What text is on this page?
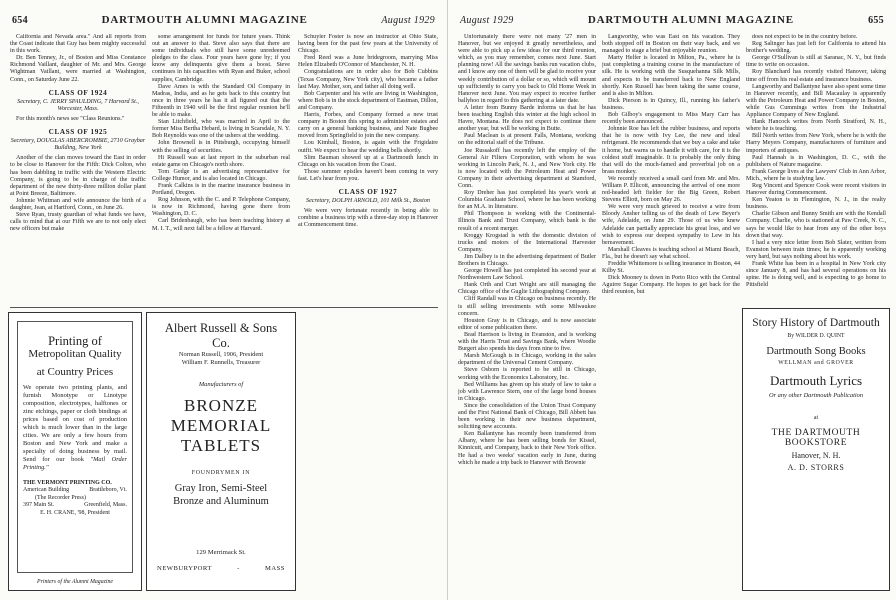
654	DARTMOUTH ALUMNI MAGAZINE	August 1929

California and Nevada area." And all reports from the Coast indicate that Guy has been mighty successful in this work.

Dr. Ben Tenney, Jr., of Boston and Miss Constance Richmond Vaillant, daughter of Mr. and Mrs. George Wightman Vaillant, were married at Washington, Conn., on Saturday June 22.

CLASS OF 1924
Secretary, C. JERRY SPAULDING, 7 Harvard St., Worcester, Mass.

For this month's news see "Class Reunions."

CLASS OF 1925
Secretary, DOUGLAS ABERCROMBIE, 2710 Graybar Building, New York

Another of the clan moves toward the East in order to be close to Hanover for the Fifth: Dick Colton, who has been dabbling in traffic with the Western Electric Company, is going to be in charge of the traffic department of the new thirty-three million dollar plant at Point Breeze, Baltimore.

Johnnie Whitman and wife announce the birth of a daughter, Jean, at Hartford, Conn., on June 26.

Steve Ryan, trusty guardian of what funds we have, calls to mind that at our Fifth we are to not only elect new officers but make

some arrangement for funds for future years. Think out an answer to that. Steve also says that there are some individuals who still have some unredeemed pledges to the class. Four years have gone by; if you know any delinquents give them a boost. Steve continues in his capacities with Ryan and Buker, school supplies, Cambridge.

Dave Ames is with the Standard Oil Company in Madras, India, and as he gets back to this country but once in three years he has it all figured out that the Fifteenth in 1940 will be the first regular reunion he'll be able to make.

Stan Litchfield, who was married in April to the former Miss Bertha Hebard, is living in Scarsdale, N. Y. Bob Reynolds was one of the ushers at the wedding.

John Brownell is in Pittsburgh, occupying himself with the selling of securities.

Hi Russell was at last report in the suburban real estate game on Chicago's north shore.

Tom Gedge is an advertising representative for College Humor, and is also located in Chicago.

Frank Calkins is in the marine insurance business in Portland, Oregon.

Rog Johnson, with the C. and P. Telephone Company, is now in Richmond, having gone there from Washington, D. C.

Carl Bridenbaugh, who has been teaching history at M. I. T., will next fall be a fellow at Harvard.

Schuyler Foster is now an instructor at Ohio State, having been for the past few years at the University of Chicago.

Fred Reed was a June bridegroom, marrying Miss Helen Elizabeth O'Connor of Manchester, N. H.

Congratulations are in order also for Bob Cubbins (Texas Company, New York city), who became a father last May. Mother, son, and father all doing well.

Bob Carpenter and his wife are living in Washington, where Bob is in the stock department of Eastman, Dillon, and Company.

Harris, Forbes, and Company formed a new trust company in Boston this spring to administer estates and carry on a general banking business, and Nate Bugbee moved from Springfield to join the new company.

Lou Kimball, Boston, is again with the Frigidaire outfit. We expect to hear the wedding bells shortly.

Slim Bauman showed up at a Dartmouth lunch in Chicago on his vacation from the Coast.

Those summer epistles haven't been coming in very fast. Let's hear from you.

CLASS OF 1927
Secretary, DOLPH ARNOLD, 101 Milk St., Boston

We were very fortunate recently in being able to combine a business trip with a three-day stop in Hanover at Commencement time.

Printing of
Metropolitan Quality
at Country Prices
We operate two printing plants, and furnish Monotype or Linotype composition, electrotypes, halftones or zinc etchings, paper or cloth bindings at prices based on cost of production which is much lower than in the large cities. We are only a few hours from Boston and New York and make a specialty of doing business by mail. Send for our book "Mail Order Printing."
THE VERMONT PRINTING CO.
American Building	Brattleboro, Vt.
(The Recorder Press)
397 Main St.	Greenfield, Mass.
E. H. CRANE, '98, President
Printers of the Alumni Magazine
Albert Russell & Sons Co.
Norman Russell, 1906, President
William F. Runnells, Treasurer
Manufacturers of
BRONZE
MEMORIAL
TABLETS
FOUNDRYMEN IN
Gray Iron, Semi-Steel
Bronze and Aluminum
129 Merrimack St.
NEWBURYPORT	-	MASS
August 1929	DARTMOUTH ALUMNI MAGAZINE	655

Unfortunately there were not many '27 men in Hanover, but we enjoyed it greatly nevertheless, and were able to pick up a few ideas for our third reunion, which, as you may remember, comes next June. Start planning now! All the savings banks run vacation clubs, and I know any one of them will be glad to receive your weekly contribution of a dollar or so, which will mount up sufficiently to carry you back to Old Home Week in Hanover next June. You may expect to receive further ballyhoo in regard to this gathering at a later date.

A letter from Bunny Barde informs us that he has been teaching English this winter at the high school in Havre, Montana. He does not expect to continue there another year, but will be working in Butte.

Paul Maclean is at present Falls, Montana, working on the editorial staff of the Tribune.

Joe Russakoff has recently left the employ of the General Air Filters Corporation, with whom he was working in Lincoln Park, N. J., and New York city. He is now located with the Petroleum Heat and Power Company in their advertising department at Stamford, Conn.

Roy Dreher has just completed his year's work at Columbia Graduate School, where he has been working for an M.A. in literature.

Phil Thompson is working with the Continental-Illinois Bank and Trust Company, which bank is the result of a recent merger.

Kroggy Krogstad is with the domestic division of trucks and motors of the International Harvester Company.

Jim Dalbey is in the advertising department of Butler Brothers in Chicago.

George Howell has just completed his second year at Northwestern Law School.

Hank Orth and Curt Wright are still managing the Chicago office of the Guglie Lithographing Company.

Cliff Randall was in Chicago on business recently. He is still selling investments with some Milwaukee concern.

Houston Gray is in Chicago, and is now associate editor of some publication there.

Brad Harrison is living in Evanston, and is working with the Harris Trust and Savings Bank, where Woodie Burgert also spends his days from nine to five.

Marsh McGough is in Chicago, working in the sales department of the Universal Cement Company.

Steve Osborn is reported to be still in Chicago, working with the Economics Laboratory, Inc.

Bed Williams has given up his study of law to take a job with Lawrence Stern, one of the large bond houses in Chicago.

Since the consolidation of the Union Trust Company and the First National Bank of Chicago, Bill Abbett has been working in their new business department, soliciting new accounts.

Ken Ballantyne has recently been transferred from Albany, where he has been selling bonds for Kissel, Kinnicutt, and Company, back to their New York office. He had a two weeks' vacation early in June, during which he made a trip back to Hanover with Brownie

Langworthy, who was East on his vacation. They both stopped off in Boston on their way back, and we managed to stage a brief but enjoyable reunion.

Marty Helfer is located in Milton, Pa., where he is just completing a training course in the manufacture of silk. He is working with the Susquehanna Silk Mills, and expects to be transferred back to New England shortly. Ken Russell has been taking the same course, and is also in Milton.

Dick Pierson is in Quincy, Ill., running his father's business.

Bob Gilboy's engagement to Miss Mary Carr has recently been announced.

Johnnie Roe has left the rubber business, and reports that he is now with Ivy Lee, the new and ideal refrigerant. He recommends that we buy a cake and take it home, but warns us to handle it with care, for it is the coldest stuff imaginable. It is probably the only thing that will do the much-famed and proverbial job on a brass monkey.

We recently received a small card from Mr. and Mrs. William P. Ellicott, announcing the arrival of one more red-headed left fielder for the Big Green, Robert Stevens Elliott, born on May 26.

We were very much grieved to receive a wire from Bloody Ansher telling us of the death of Lew Beyer's wife, Adelaide, on June 29. Those of us who knew Adelaide can partially appreciate his great loss, and we wish to express our deepest sympathy to Lew in his bereavement.

Marshall Cleaves is teaching school at Miami Beach, Fla., but he doesn't say what school.

Freddie Whittemore is selling insurance in Boston, 44 Kilby St.

Dick Mooney is down in Porto Rico with the Central Aguirre Sugar Company. He hopes to get back for the third reunion, but

does not expect to be in the country before.

Reg Salinger has just left for California to attend his brother's wedding.

George O'Sullivan is still at Saranac, N. Y., but finds time to write on occasion.

Roy Blanchard has recently visited Hanover, taking time off from his real estate and insurance business.

Langworthy and Ballantyne have also spent some time in Hanover recently, and Bill Macaulay is apparently with the Petroleum Heat and Power Company in Boston, while Gus Cummings writes from the Industrial Appliance Company of New England.

Hank Hancock writes from North Stratford, N. H., where he is teaching.

Bill North writes from New York, where he is with the Harry Meyers Company, manufacturers of furniture and importers of antiques.

Paul Hannah is in Washington, D. C., with the publishers of Nature magazine.

Frank George lives at the Lawyers' Club in Ann Arbor, Mich., where he is studying law.

Reg Vincent and Spencer Cook were recent visitors in Hanover during Commencement.

Ken Yeaton is in Flemington, N. J., in the realty business.

Charlie Gibson and Bunny Smith are with the Kendall Company. Charlie, who is stationed at Paw Creek, N. C., says he would like to hear from any of the other boys down that way.

I had a very nice letter from Bob Slater, written from Evanston between train times; he is apparently working very hard, but says nothing about his work.

Frank White has been in a hospital in New York city since January 8, and has had several operations on his spine. He is doing well, and is expecting to go home to Pittsfield

Story History of Dartmouth
By WILDER D. QUINT
Dartmouth Song Books
WELLMAN and GROVER
Dartmouth Lyrics
Or any other Dartmouth Publication
at
THE DARTMOUTH BOOKSTORE
Hanover, N. H.
A. D. STORRS
